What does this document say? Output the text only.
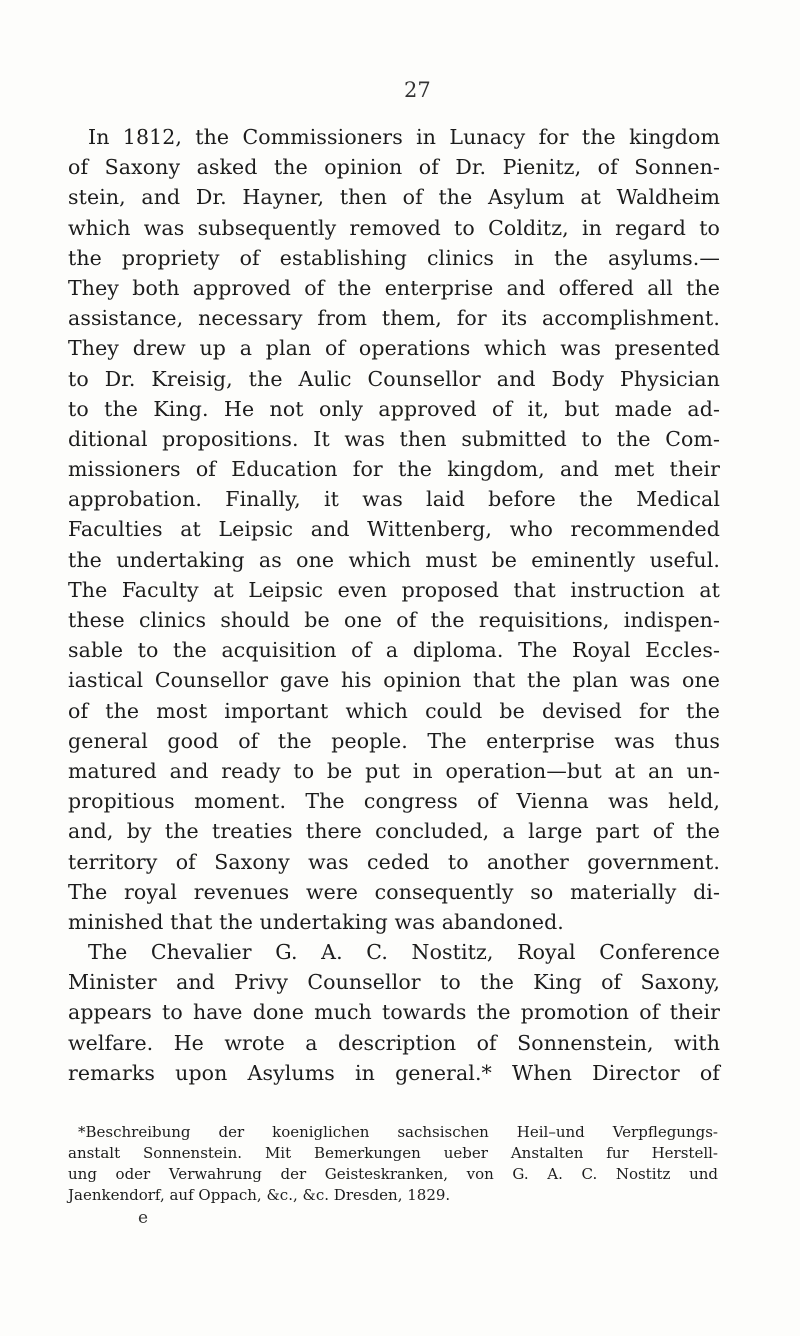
27
In 1812, the Commissioners in Lunacy for the kingdom
of Saxony asked the opinion of Dr. Pienitz, of Sonnen-
stein, and Dr. Hayner, then of the Asylum at Waldheim
which was subsequently removed to Colditz, in regard to
the propriety of establishing clinics in the asylums.—
They both approved of the enterprise and offered all the
assistance, necessary from them, for its accomplishment.
They drew up a plan of operations which was presented
to Dr. Kreisig, the Aulic Counsellor and Body Physician
to the King. He not only approved of it, but made ad-
ditional propositions. It was then submitted to the Com-
missioners of Education for the kingdom, and met their
approbation. Finally, it was laid before the Medical
Faculties at Leipsic and Wittenberg, who recommended
the undertaking as one which must be eminently useful.
The Faculty at Leipsic even proposed that instruction at
these clinics should be one of the requisitions, indispen-
sable to the acquisition of a diploma. The Royal Eccles-
iastical Counsellor gave his opinion that the plan was one
of the most important which could be devised for the
general good of the people. The enterprise was thus
matured and ready to be put in operation—but at an un-
propitious moment. The congress of Vienna was held,
and, by the treaties there concluded, a large part of the
territory of Saxony was ceded to another government.
The royal revenues were consequently so materially di-
minished that the undertaking was abandoned.
The Chevalier G. A. C. Nostitz, Royal Conference
Minister and Privy Counsellor to the King of Saxony,
appears to have done much towards the promotion of their
welfare. He wrote a description of Sonnenstein, with
remarks upon Asylums in general.* When Director of
*Beschreibung der koeniglichen sachsischen Heil–und Verpflegungs-
anstalt Sonnenstein. Mit Bemerkungen ueber Anstalten fur Herstell-
ung oder Verwahrung der Geisteskranken, von G. A. C. Nostitz und
Jaenkendorf, auf Oppach, &c., &c. Dresden, 1829.
e
